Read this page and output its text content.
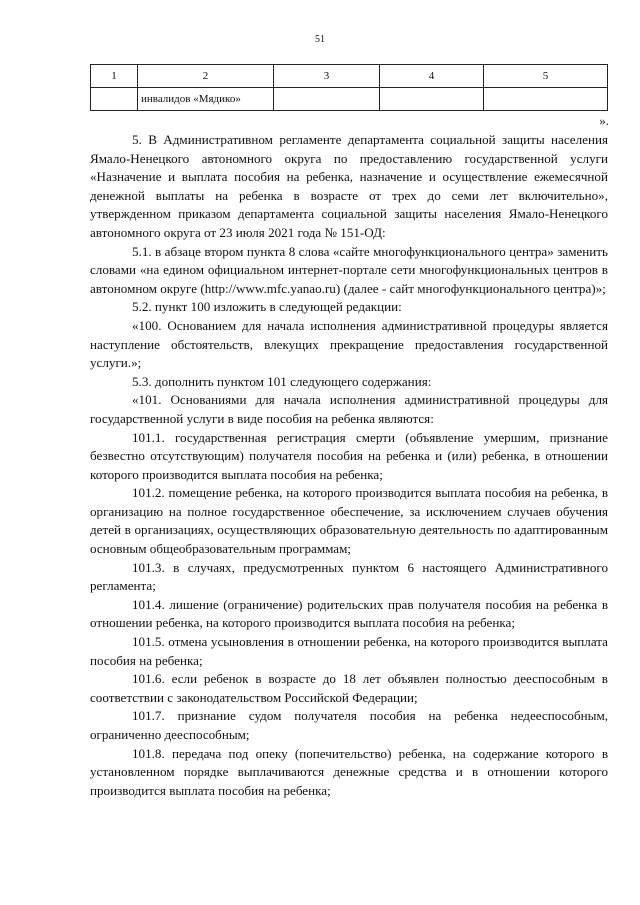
51
1	2	3	4	5
	инвалидов «Мядико»			
».

5. В Административном регламенте департамента социальной защиты населения Ямало-Ненецкого автономного округа по предоставлению государственной услуги «Назначение и выплата пособия на ребенка, назначение и осуществление ежемесячной денежной выплаты на ребенка в возрасте от трех до семи лет включительно», утвержденном приказом департамента социальной защиты населения Ямало-Ненецкого автономного округа от 23 июля 2021 года № 151-ОД:

5.1. в абзаце втором пункта 8 слова «сайте многофункционального центра» заменить словами «на едином официальном интернет-портале сети многофункциональных центров в автономном округе (http://www.mfc.yanao.ru) (далее - сайт многофункционального центра)»;

5.2. пункт 100 изложить в следующей редакции:

«100. Основанием для начала исполнения административной процедуры является наступление обстоятельств, влекущих прекращение предоставления государственной услуги.»;

5.3. дополнить пунктом 101 следующего содержания:

«101. Основаниями для начала исполнения административной процедуры для государственной услуги в виде пособия на ребенка являются:

101.1. государственная регистрация смерти (объявление умершим, признание безвестно отсутствующим) получателя пособия на ребенка и (или) ребенка, в отношении которого производится выплата пособия на ребенка;

101.2. помещение ребенка, на которого производится выплата пособия на ребенка, в организацию на полное государственное обеспечение, за исключением случаев обучения детей в организациях, осуществляющих образовательную деятельность по адаптированным основным общеобразовательным программам;

101.3. в случаях, предусмотренных пунктом 6 настоящего Административного регламента;

101.4. лишение (ограничение) родительских прав получателя пособия на ребенка в отношении ребенка, на которого производится выплата пособия на ребенка;

101.5. отмена усыновления в отношении ребенка, на которого производится выплата пособия на ребенка;

101.6. если ребенок в возрасте до 18 лет объявлен полностью дееспособным в соответствии с законодательством Российской Федерации;

101.7. признание судом получателя пособия на ребенка недееспособным, ограниченно дееспособным;

101.8. передача под опеку (попечительство) ребенка, на содержание которого в установленном порядке выплачиваются денежные средства и в отношении которого производится выплата пособия на ребенка;
